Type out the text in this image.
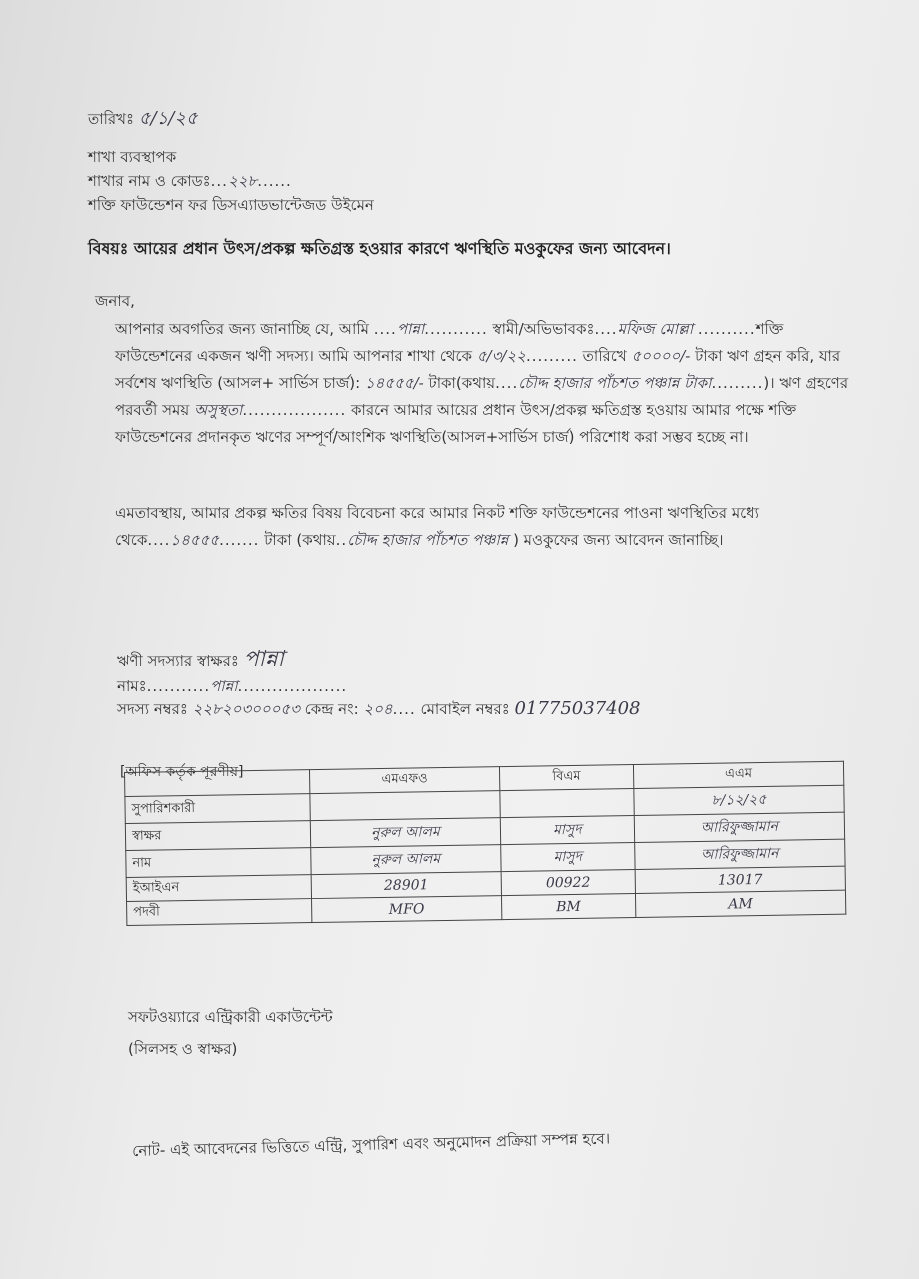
তারিখঃ ৫/১/২৫
শাখা ব্যবস্থাপক
শাখার নাম ও কোডঃ...২২৮......
শক্তি ফাউন্ডেশন ফর ডিসএ্যাডভান্টেজড উইমেন
বিষয়ঃ আয়ের প্রধান উৎস/প্রকল্প ক্ষতিগ্রস্ত হওয়ার কারণে ঋণস্থিতি মওকুফের জন্য আবেদন।
জনাব,
আপনার অবগতির জন্য জানাচ্ছি যে, আমি ....পান্না........... স্বামী/অভিভাবকঃ....মফিজ মোল্লা ..........শক্তি ফাউন্ডেশনের একজন ঋণী সদস্য। আমি আপনার শাখা থেকে ৫/৩/২২......... তারিখে ৫০০০০/- টাকা ঋণ গ্রহন করি, যার সর্বশেষ ঋণস্থিতি (আসল+ সার্ভিস চার্জ): ১৪৫৫৫/- টাকা(কথায়....চৌদ্দ হাজার পাঁচশত পঞ্চান্ন টাকা.........)। ঋণ গ্রহণের পরবর্তী সময় অসুস্থতা.................. কারনে আমার আয়ের প্রধান উৎস/প্রকল্প ক্ষতিগ্রস্ত হওয়ায় আমার পক্ষে শক্তি ফাউন্ডেশনের প্রদানকৃত ঋণের সম্পূর্ণ/আংশিক ঋণস্থিতি(আসল+সার্ভিস চার্জ) পরিশোধ করা সম্ভব হচ্ছে না।
এমতাবস্থায়, আমার প্রকল্প ক্ষতির বিষয় বিবেচনা করে আমার নিকট শক্তি ফাউন্ডেশনের পাওনা ঋণস্থিতির মধ্যে থেকে....১৪৫৫৫....... টাকা (কথায়..চৌদ্দ হাজার পাঁচশত পঞ্চান্ন ) মওকুফের জন্য আবেদন জানাচ্ছি।
ঋণী সদস্যার স্বাক্ষরঃ পান্না
নামঃ...........পান্না...................
সদস্য নম্বরঃ ২২৮২০৩০০০৫৩ কেন্দ্র নং: ২০৪.... মোবাইল নম্বরঃ 01775037408
[অফিস কর্তৃক পূরণীয়]
		এমএফও	বিএম	এএম
সুপারিশকারী			৮/১২/২৫
স্বাক্ষর	নুরুল আলম	মাসুদ	আরিফুজ্জামান
নাম	নুরুল আলম	মাসুদ	আরিফুজ্জামান
ইআইএন	28901	00922	13017
পদবী	MFO	BM	AM
সফটওয়্যারে এন্ট্রিকারী একাউন্টেন্ট
(সিলসহ ও স্বাক্ষর)
নোট- এই আবেদনের ভিত্তিতে এন্ট্রি, সুপারিশ এবং অনুমোদন প্রক্রিয়া সম্পন্ন হবে।
